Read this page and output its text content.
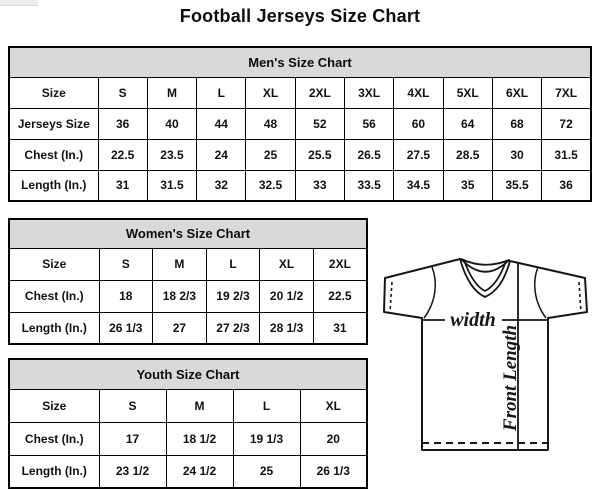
Football Jerseys Size Chart
Men's Size Chart										
Size	S	M	L	XL	2XL	3XL	4XL	5XL	6XL	7XL
Jerseys Size	36	40	44	48	52	56	60	64	68	72
Chest (In.)	22.5	23.5	24	25	25.5	26.5	27.5	28.5	30	31.5
Length (In.)	31	31.5	32	32.5	33	33.5	34.5	35	35.5	36
Women's Size Chart					
Size	S	M	L	XL	2XL
Chest (In.)	18	18 2/3	19 2/3	20 1/2	22.5
Length (In.)	26 1/3	27	27 2/3	28 1/3	31
Youth Size Chart				
Size	S	M	L	XL
Chest (In.)	17	18 1/2	19 1/3	20
Length (In.)	23 1/2	24 1/2	25	26 1/3
width
Front Length
